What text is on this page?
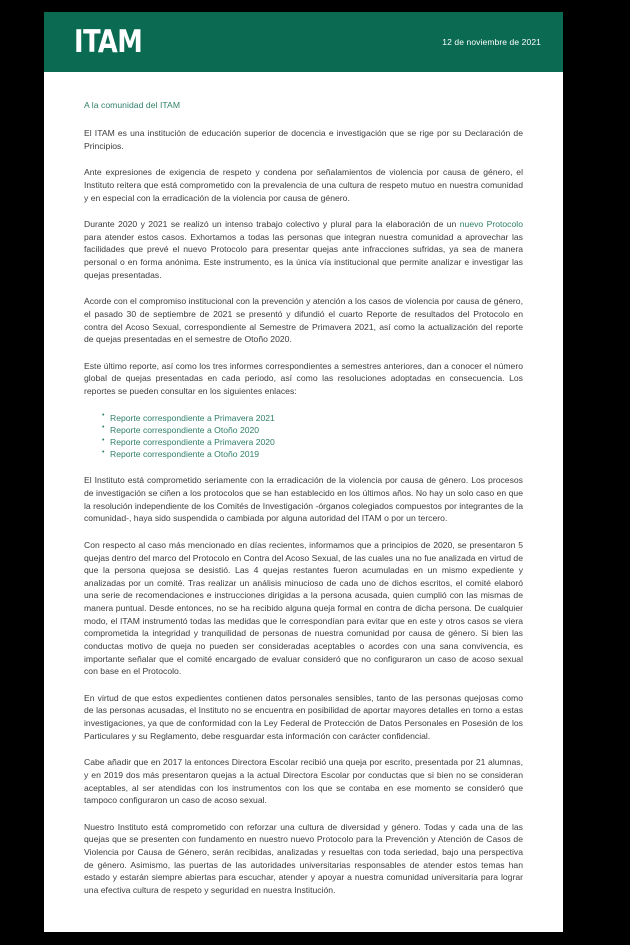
ITAM	12 de noviembre de 2021
A la comunidad del ITAM

El ITAM es una institución de educación superior de docencia e investigación que se rige por su Declaración de Principios.

Ante expresiones de exigencia de respeto y condena por señalamientos de violencia por causa de género, el Instituto reitera que está comprometido con la prevalencia de una cultura de respeto mutuo en nuestra comunidad y en especial con la erradicación de la violencia por causa de género.

Durante 2020 y 2021 se realizó un intenso trabajo colectivo y plural para la elaboración de un nuevo Protocolo para atender estos casos. Exhortamos a todas las personas que integran nuestra comunidad a aprovechar las facilidades que prevé el nuevo Protocolo para presentar quejas ante infracciones sufridas, ya sea de manera personal o en forma anónima. Este instrumento, es la única vía institucional que permite analizar e investigar las quejas presentadas.

Acorde con el compromiso institucional con la prevención y atención a los casos de violencia por causa de género, el pasado 30 de septiembre de 2021 se presentó y difundió el cuarto Reporte de resultados del Protocolo en contra del Acoso Sexual, correspondiente al Semestre de Primavera 2021, así como la actualización del reporte de quejas presentadas en el semestre de Otoño 2020.

Este último reporte, así como los tres informes correspondientes a semestres anteriores, dan a conocer el número global de quejas presentadas en cada periodo, así como las resoluciones adoptadas en consecuencia. Los reportes se pueden consultar en los siguientes enlaces:

• Reporte correspondiente a Primavera 2021
• Reporte correspondiente a Otoño 2020
• Reporte correspondiente a Primavera 2020
• Reporte correspondiente a Otoño 2019

El Instituto está comprometido seriamente con la erradicación de la violencia por causa de género. Los procesos de investigación se ciñen a los protocolos que se han establecido en los últimos años. No hay un solo caso en que la resolución independiente de los Comités de Investigación -órganos colegiados compuestos por integrantes de la comunidad-, haya sido suspendida o cambiada por alguna autoridad del ITAM o por un tercero.

Con respecto al caso más mencionado en días recientes, informamos que a principios de 2020, se presentaron 5 quejas dentro del marco del Protocolo en Contra del Acoso Sexual, de las cuales una no fue analizada en virtud de que la persona quejosa se desistió. Las 4 quejas restantes fueron acumuladas en un mismo expediente y analizadas por un comité. Tras realizar un análisis minucioso de cada uno de dichos escritos, el comité elaboró una serie de recomendaciones e instrucciones dirigidas a la persona acusada, quien cumplió con las mismas de manera puntual. Desde entonces, no se ha recibido alguna queja formal en contra de dicha persona. De cualquier modo, el ITAM instrumentó todas las medidas que le correspondían para evitar que en este y otros casos se viera comprometida la integridad y tranquilidad de personas de nuestra comunidad por causa de género. Si bien las conductas motivo de queja no pueden ser consideradas aceptables o acordes con una sana convivencia, es importante señalar que el comité encargado de evaluar consideró que no configuraron un caso de acoso sexual con base en el Protocolo.

En virtud de que estos expedientes contienen datos personales sensibles, tanto de las personas quejosas como de las personas acusadas, el Instituto no se encuentra en posibilidad de aportar mayores detalles en torno a estas investigaciones, ya que de conformidad con la Ley Federal de Protección de Datos Personales en Posesión de los Particulares y su Reglamento, debe resguardar esta información con carácter confidencial.

Cabe añadir que en 2017 la entonces Directora Escolar recibió una queja por escrito, presentada por 21 alumnas, y en 2019 dos más presentaron quejas a la actual Directora Escolar por conductas que si bien no se consideran aceptables, al ser atendidas con los instrumentos con los que se contaba en ese momento se consideró que tampoco configuraron un caso de acoso sexual.

Nuestro Instituto está comprometido con reforzar una cultura de diversidad y género. Todas y cada una de las quejas que se presenten con fundamento en nuestro nuevo Protocolo para la Prevención y Atención de Casos de Violencia por Causa de Género, serán recibidas, analizadas y resueltas con toda seriedad, bajo una perspectiva de género. Asimismo, las puertas de las autoridades universitarias responsables de atender estos temas han estado y estarán siempre abiertas para escuchar, atender y apoyar a nuestra comunidad universitaria para lograr una efectiva cultura de respeto y seguridad en nuestra Institución.
